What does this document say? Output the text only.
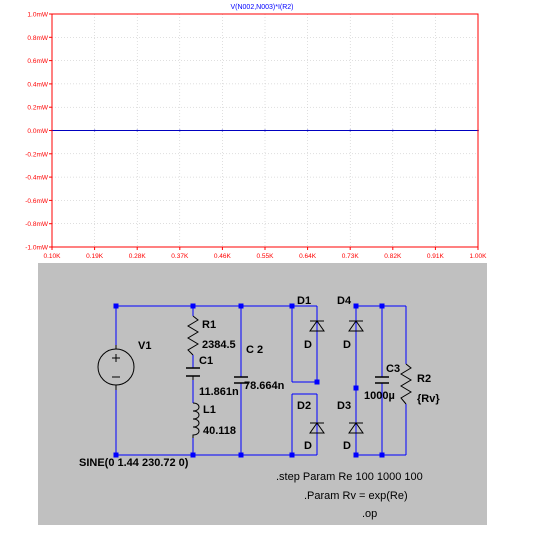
V(N002,N003)*I(R2)
1.0mW
0.8mW
0.6mW
0.4mW
0.2mW
0.0mW
-0.2mW
-0.4mW
-0.6mW
-0.8mW
-1.0mW
0.10K	0.19K	0.28K	0.37K	0.46K	0.55K	0.64K	0.73K	0.82K	0.91K	1.00K
V1
R1
2384.5
C1
11.861n
L1
40.118
C 2
78.664n
D1
D
D4
D
D2
D
D3
D
C3
1000µ
R2
{Rv}
SINE(0 1.44 230.72 0)
.step Param Re 100 1000 100
.Param Rv = exp(Re)
.op
